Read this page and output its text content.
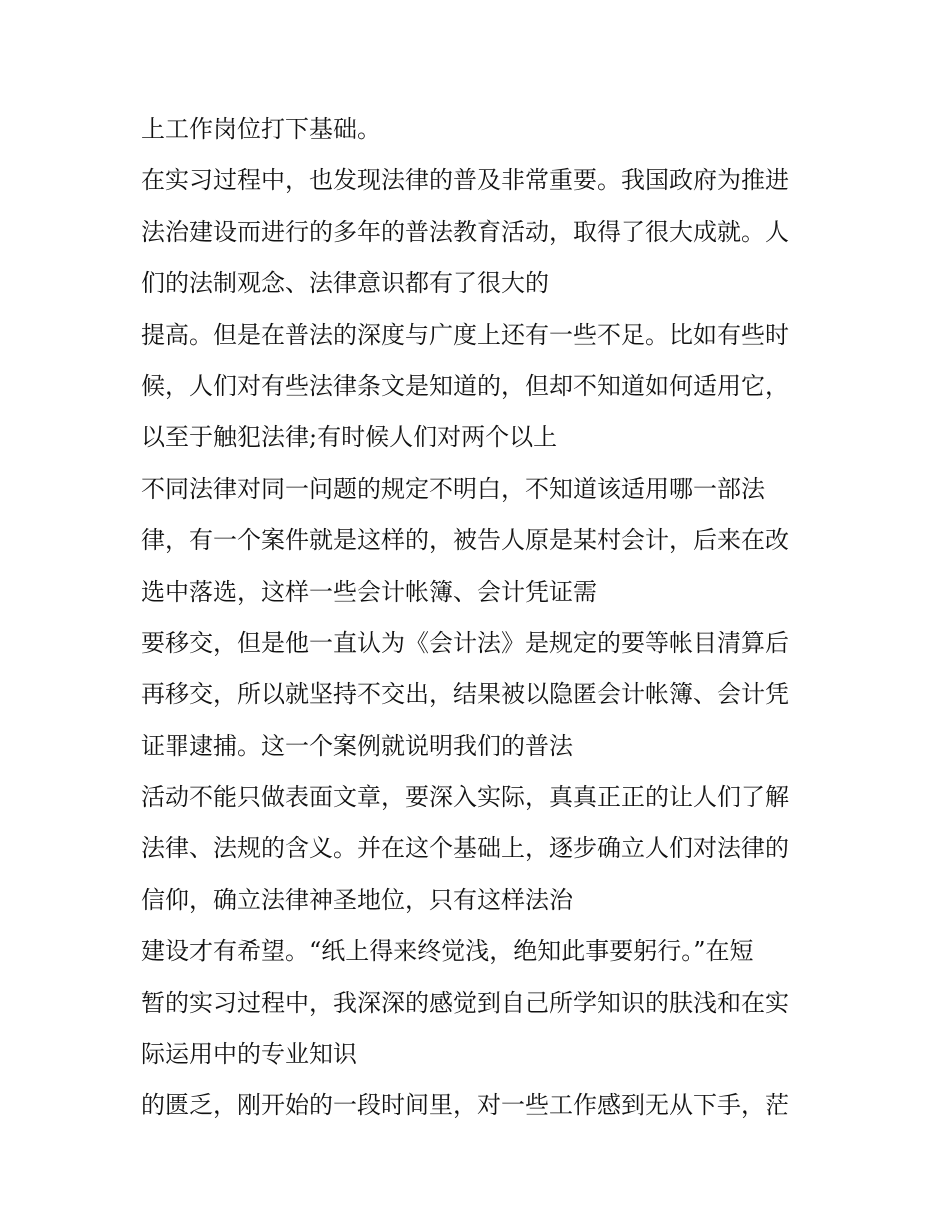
上工作岗位打下基础。

在实习过程中，也发现法律的普及非常重要。我国政府为推进

法治建设而进行的多年的普法教育活动，取得了很大成就。人

们的法制观念、法律意识都有了很大的

提高。但是在普法的深度与广度上还有一些不足。比如有些时

候，人们对有些法律条文是知道的，但却不知道如何适用它，

以至于触犯法律;有时候人们对两个以上

不同法律对同一问题的规定不明白，不知道该适用哪一部法

律，有一个案件就是这样的，被告人原是某村会计，后来在改

选中落选，这样一些会计帐簿、会计凭证需

要移交，但是他一直认为《会计法》是规定的要等帐目清算后

再移交，所以就坚持不交出，结果被以隐匿会计帐簿、会计凭

证罪逮捕。这一个案例就说明我们的普法

活动不能只做表面文章，要深入实际，真真正正的让人们了解

法律、法规的含义。并在这个基础上，逐步确立人们对法律的

信仰，确立法律神圣地位，只有这样法治

建设才有希望。“纸上得来终觉浅，绝知此事要躬行。”在短

暂的实习过程中，我深深的感觉到自己所学知识的肤浅和在实

际运用中的专业知识

的匮乏，刚开始的一段时间里，对一些工作感到无从下手，茫
